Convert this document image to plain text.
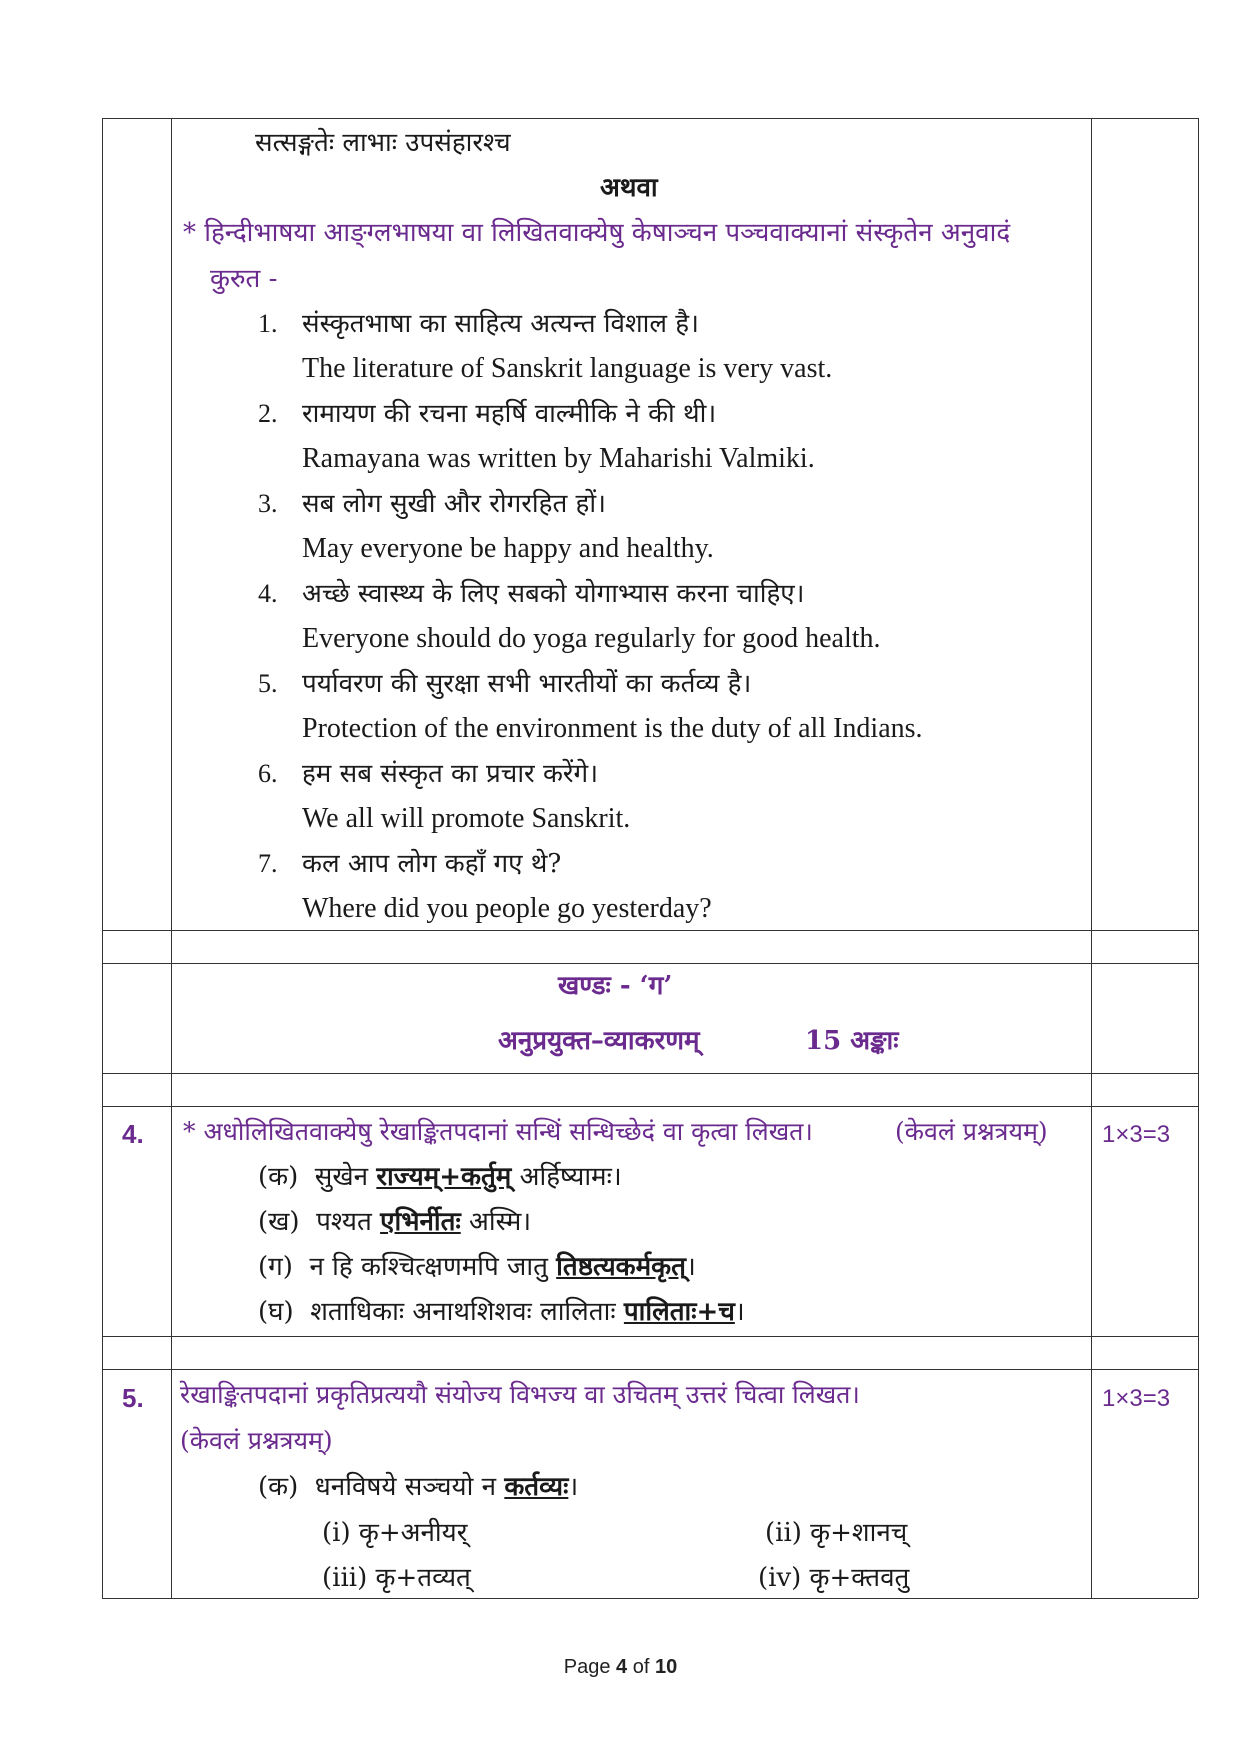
सत्सङ्गतेः लाभाः उपसंहारश्च
अथवा
* हिन्दीभाषया आङ्ग्लभाषया वा लिखितवाक्येषु केषाञ्चन पञ्चवाक्यानां संस्कृतेन अनुवादं
कुरुत -
1. संस्कृतभाषा का साहित्य अत्यन्त विशाल है।
The literature of Sanskrit language is very vast.
2. रामायण की रचना महर्षि वाल्मीकि ने की थी।
Ramayana was written by Maharishi Valmiki.
3. सब लोग सुखी और रोगरहित हों।
May everyone be happy and healthy.
4. अच्छे स्वास्थ्य के लिए सबको योगाभ्यास करना चाहिए।
Everyone should do yoga regularly for good health.
5. पर्यावरण की सुरक्षा सभी भारतीयों का कर्तव्य है।
Protection of the environment is the duty of all Indians.
6. हम सब संस्कृत का प्रचार करेंगे।
We all will promote Sanskrit.
7. कल आप लोग कहाँ गए थे?
Where did you people go yesterday?
खण्डः - ‘ग’
अनुप्रयुक्त–व्याकरणम्	15 अङ्काः
4. * अधोलिखितवाक्येषु रेखाङ्कितपदानां सन्धिं सन्धिच्छेदं वा कृत्वा लिखत।	(केवलं प्रश्नत्रयम्) 1×3=3
(क) सुखेन राज्यम्+कर्तुम् अर्हिष्यामः।
(ख) पश्यत एभिर्नीतः अस्मि।
(ग) न हि कश्चित्क्षणमपि जातु तिष्ठत्यकर्मकृत्।
(घ) शताधिकाः अनाथशिशवः लालिताः पालिताः+च।
5. रेखाङ्कितपदानां प्रकृतिप्रत्ययौ संयोज्य विभज्य वा उचितम् उत्तरं चित्वा लिखत।
(केवलं प्रश्नत्रयम्)
1×3=3
(क) धनविषये सञ्चयो न कर्तव्यः।
(i) कृ+अनीयर्	(ii) कृ+शानच्
(iii) कृ+तव्यत्	(iv) कृ+क्तवतु
Page 4 of 10
